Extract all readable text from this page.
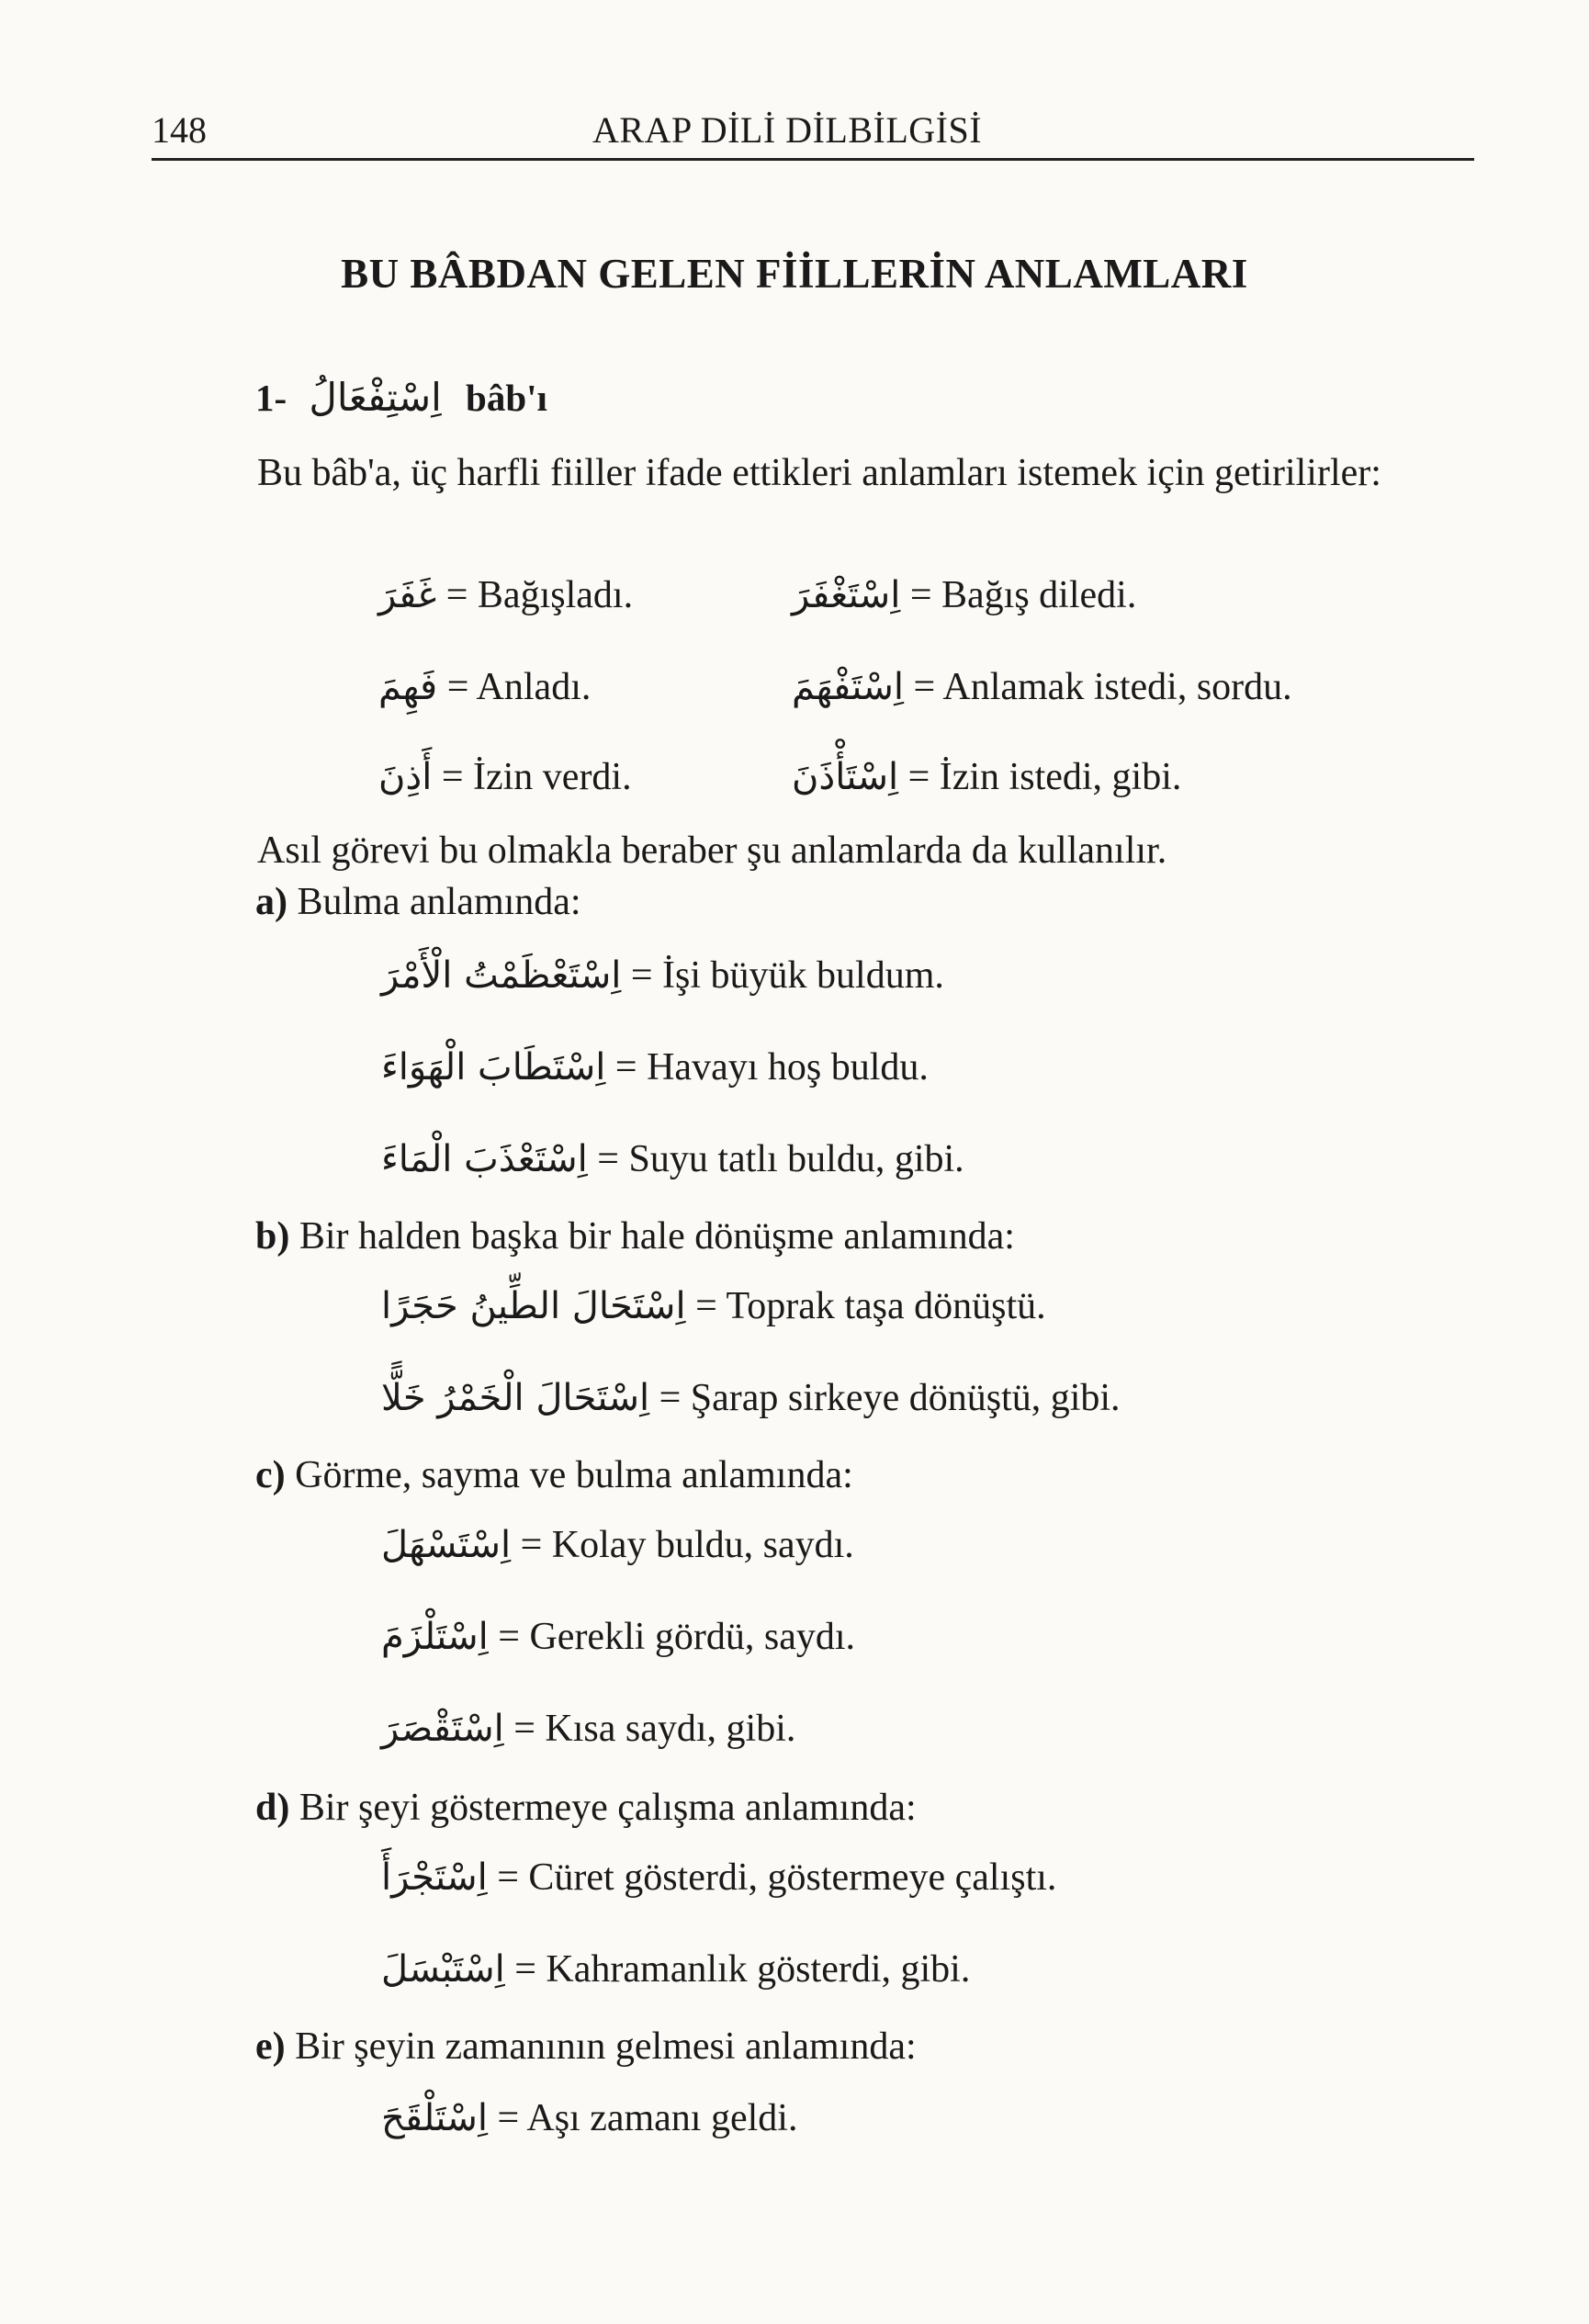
148	ARAP DİLİ DİLBİLGİSİ
BU BÂBDAN GELEN FİİLLERİN ANLAMLARI
1- اِسْتِفْعَالُ bâb'ı
Bu bâb'a, üç harfli fiiller ifade ettikleri anlamları istemek için getirilirler:
غَفَرَ = Bağışladı.	اِسْتَغْفَرَ = Bağış diledi.
فَهِمَ = Anladı.	اِسْتَفْهَمَ = Anlamak istedi, sordu.
أَذِنَ = İzin verdi.	اِسْتَأْذَنَ = İzin istedi, gibi.
Asıl görevi bu olmakla beraber şu anlamlarda da kullanılır.
a) Bulma anlamında:
اِسْتَعْظَمْتُ الْأَمْرَ = İşi büyük buldum.
اِسْتَطَابَ الْهَوَاءَ = Havayı hoş buldu.
اِسْتَعْذَبَ الْمَاءَ = Suyu tatlı buldu, gibi.
b) Bir halden başka bir hale dönüşme anlamında:
اِسْتَحَالَ الطِّينُ حَجَرًا = Toprak taşa dönüştü.
اِسْتَحَالَ الْخَمْرُ خَلًّا = Şarap sirkeye dönüştü, gibi.
c) Görme, sayma ve bulma anlamında:
اِسْتَسْهَلَ = Kolay buldu, saydı.
اِسْتَلْزَمَ = Gerekli gördü, saydı.
اِسْتَقْصَرَ = Kısa saydı, gibi.
d) Bir şeyi göstermeye çalışma anlamında:
اِسْتَجْرَأَ = Cüret gösterdi, göstermeye çalıştı.
اِسْتَبْسَلَ = Kahramanlık gösterdi, gibi.
e) Bir şeyin zamanının gelmesi anlamında:
اِسْتَلْقَحَ = Aşı zamanı geldi.
